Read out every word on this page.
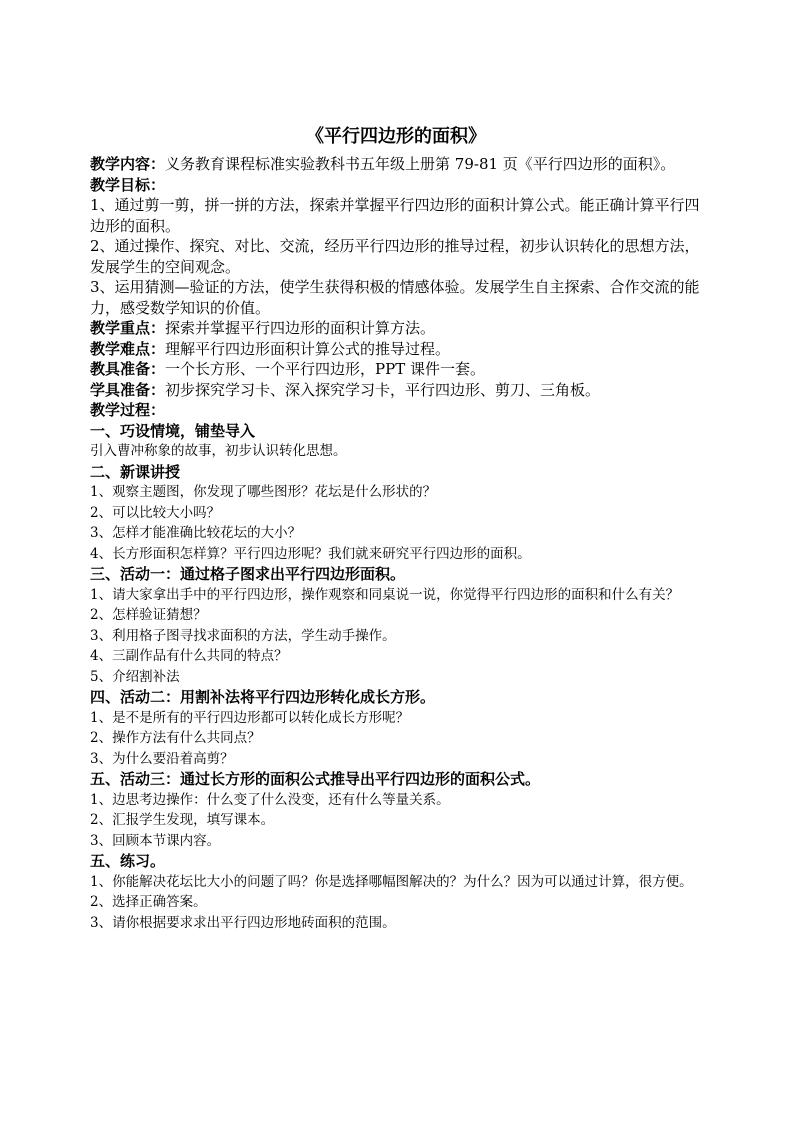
《平行四边形的面积》

教学内容：义务教育课程标准实验教科书五年级上册第 79-81 页《平行四边形的面积》。

教学目标：

1、通过剪一剪，拼一拼的方法，探索并掌握平行四边形的面积计算公式。能正确计算平行四边形的面积。

2、通过操作、探究、对比、交流，经历平行四边形的推导过程，初步认识转化的思想方法，发展学生的空间观念。

3、运用猜测—验证的方法，使学生获得积极的情感体验。发展学生自主探索、合作交流的能力，感受数学知识的价值。

教学重点：探索并掌握平行四边形的面积计算方法。

教学难点：理解平行四边形面积计算公式的推导过程。

教具准备：一个长方形、一个平行四边形，PPT 课件一套。

学具准备：初步探究学习卡、深入探究学习卡，平行四边形、剪刀、三角板。

教学过程：

一、巧设情境，铺垫导入

引入曹冲称象的故事，初步认识转化思想。

二、新课讲授

1、观察主题图，你发现了哪些图形？花坛是什么形状的？

2、可以比较大小吗？

3、怎样才能准确比较花坛的大小？

4、长方形面积怎样算？平行四边形呢？我们就来研究平行四边形的面积。

三、活动一：通过格子图求出平行四边形面积。

1、请大家拿出手中的平行四边形，操作观察和同桌说一说，你觉得平行四边形的面积和什么有关？

2、怎样验证猜想？

3、利用格子图寻找求面积的方法，学生动手操作。

4、三副作品有什么共同的特点？

5、介绍割补法

四、活动二：用割补法将平行四边形转化成长方形。

1、是不是所有的平行四边形都可以转化成长方形呢？

2、操作方法有什么共同点？

3、为什么要沿着高剪？

五、活动三：通过长方形的面积公式推导出平行四边形的面积公式。

1、边思考边操作：什么变了什么没变，还有什么等量关系。

2、汇报学生发现，填写课本。

3、回顾本节课内容。

五、练习。

1、你能解决花坛比大小的问题了吗？你是选择哪幅图解决的？为什么？因为可以通过计算，很方便。

2、选择正确答案。

3、请你根据要求求出平行四边形地砖面积的范围。
